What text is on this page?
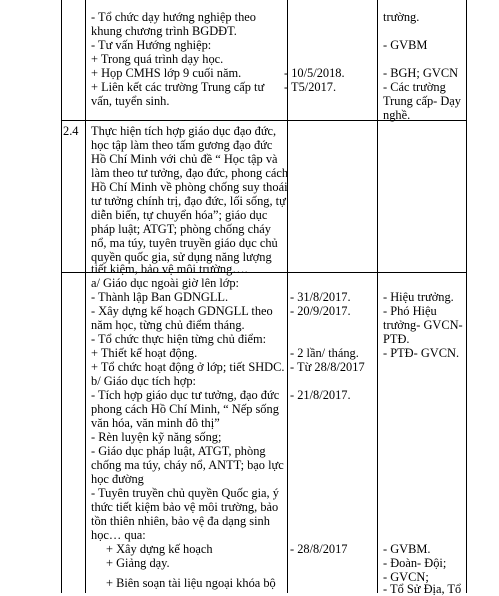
- Tổ chức dạy hướng nghiệp theo
khung chương trình BGDĐT.
- Tư vấn Hướng nghiệp:
+ Trong quá trình dạy học.
+ Họp CMHS lớp 9 cuối năm.
+ Liên kết các trường Trung cấp tư
vấn, tuyển sinh.
- 10/5/2018.
- T5/2017.
trường.
- GVBM
- BGH; GVCN
- Các trường
Trung cấp- Dạy
nghề.
2.4 Thực hiện tích hợp giáo dục đạo đức,
học tập làm theo tấm gương đạo đức
Hồ Chí Minh với chủ đề “ Học tập và
làm theo tư tưởng, đạo đức, phong cách
Hồ Chí Minh về phòng chống suy thoái
tư tưởng chính trị, đạo đức, lối sống, tự
diễn biến, tự chuyển hóa”; giáo dục
pháp luật; ATGT; phòng chống cháy
nổ, ma túy, tuyên truyền giáo dục chủ
quyền quốc gia, sử dụng năng lượng
tiết kiệm, bảo vệ môi trường….
a/ Giáo dục ngoài giờ lên lớp:
- Thành lập Ban GDNGLL.
- Xây dựng kế hoạch GDNGLL theo
năm học, từng chủ điểm tháng.
- Tổ chức thực hiện từng chủ điểm:
+ Thiết kế hoạt động.
+ Tổ chức hoạt động ở lớp; tiết SHDC.
b/ Giáo dục tích hợp:
- Tích hợp giáo dục tư tưởng, đạo đức
phong cách Hồ Chí Minh, “ Nếp sống
văn hóa, văn minh đô thị”
- Rèn luyện kỹ năng sống;
- Giáo dục pháp luật, ATGT, phòng
chống ma túy, cháy nổ, ANTT; bạo lực
học đường
- Tuyên truyền chủ quyền Quốc gia, ý
thức tiết kiệm bảo vệ môi trường, bảo
tồn thiên nhiên, bảo vệ đa dạng sinh
học… qua:
+ Xây dựng kế hoạch
+ Giảng dạy.
+ Biên soạn tài liệu ngoại khóa bộ
- 31/8/2017.
- 20/9/2017.
- 2 lần/ tháng.
- Từ 28/8/2017
- 21/8/2017.
- 28/8/2017
- Hiệu trưởng.
- Phó Hiệu
trưởng- GVCN-
PTĐ.
- PTĐ- GVCN.
- GVBM.
- Đoàn- Đội;
- GVCN;
- Tổ Sử Địa, Tổ
